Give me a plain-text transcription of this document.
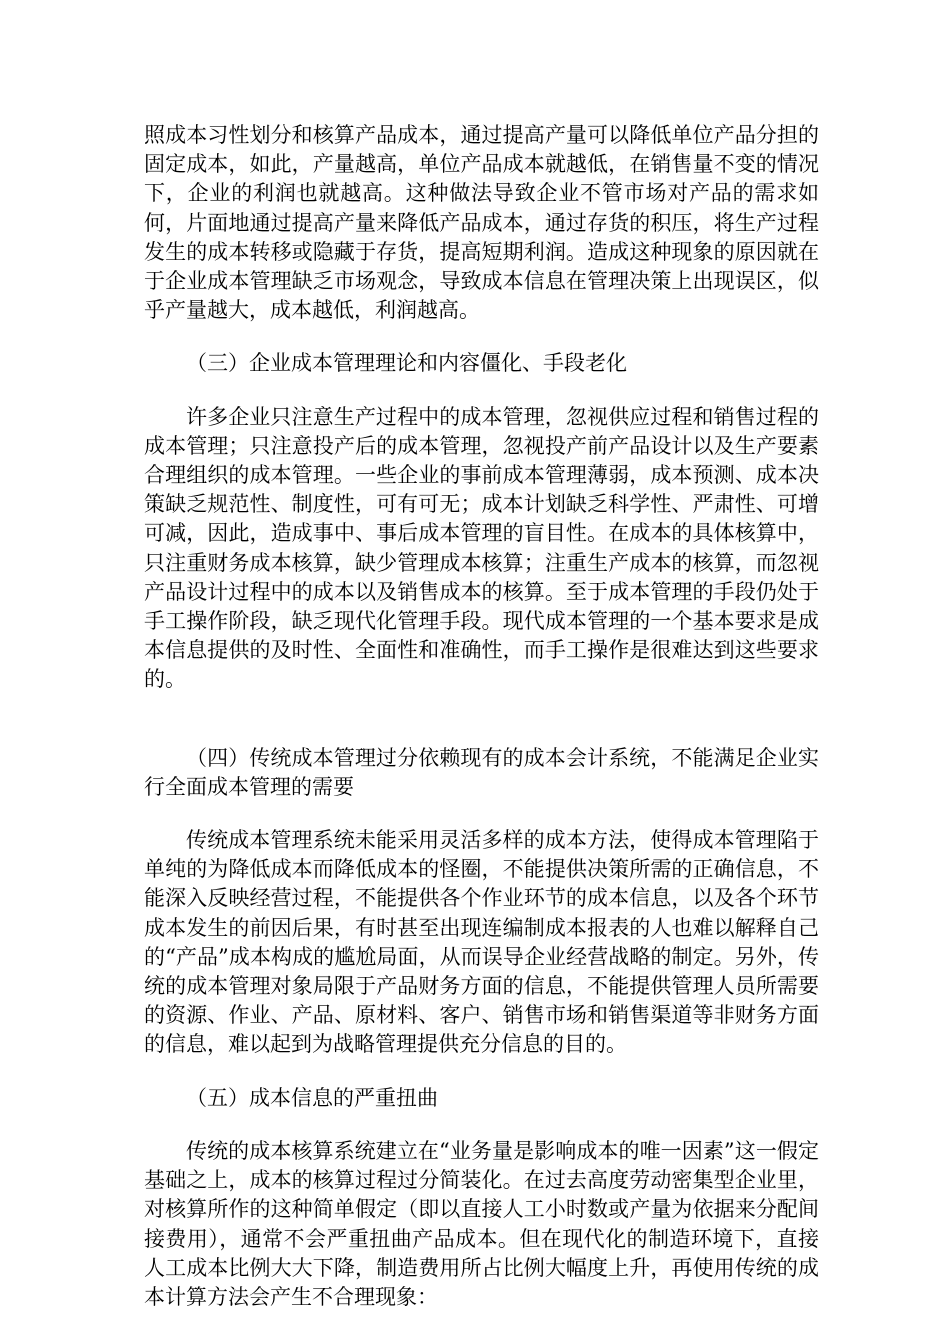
照成本习性划分和核算产品成本，通过提高产量可以降低单位产品分担的固定成本，如此，产量越高，单位产品成本就越低，在销售量不变的情况下，企业的利润也就越高。这种做法导致企业不管市场对产品的需求如何，片面地通过提高产量来降低产品成本，通过存货的积压，将生产过程发生的成本转移或隐藏于存货，提高短期利润。造成这种现象的原因就在于企业成本管理缺乏市场观念，导致成本信息在管理决策上出现误区，似乎产量越大，成本越低，利润越高。

（三）企业成本管理理论和内容僵化、手段老化

许多企业只注意生产过程中的成本管理，忽视供应过程和销售过程的成本管理；只注意投产后的成本管理，忽视投产前产品设计以及生产要素合理组织的成本管理。一些企业的事前成本管理薄弱，成本预测、成本决策缺乏规范性、制度性，可有可无；成本计划缺乏科学性、严肃性、可增可减，因此，造成事中、事后成本管理的盲目性。在成本的具体核算中，只注重财务成本核算，缺少管理成本核算；注重生产成本的核算，而忽视产品设计过程中的成本以及销售成本的核算。至于成本管理的手段仍处于手工操作阶段，缺乏现代化管理手段。现代成本管理的一个基本要求是成本信息提供的及时性、全面性和准确性，而手工操作是很难达到这些要求的。

（四）传统成本管理过分依赖现有的成本会计系统，不能满足企业实行全面成本管理的需要

传统成本管理系统未能采用灵活多样的成本方法，使得成本管理陷于单纯的为降低成本而降低成本的怪圈，不能提供决策所需的正确信息，不能深入反映经营过程，不能提供各个作业环节的成本信息，以及各个环节成本发生的前因后果，有时甚至出现连编制成本报表的人也难以解释自己的“产品”成本构成的尴尬局面，从而误导企业经营战略的制定。另外，传统的成本管理对象局限于产品财务方面的信息，不能提供管理人员所需要的资源、作业、产品、原材料、客户、销售市场和销售渠道等非财务方面的信息，难以起到为战略管理提供充分信息的目的。

（五）成本信息的严重扭曲

传统的成本核算系统建立在“业务量是影响成本的唯一因素”这一假定基础之上，成本的核算过程过分简装化。在过去高度劳动密集型企业里，对核算所作的这种简单假定（即以直接人工小时数或产量为依据来分配间接费用），通常不会严重扭曲产品成本。但在现代化的制造环境下，直接人工成本比例大大下降，制造费用所占比例大幅度上升，再使用传统的成本计算方法会产生不合理现象：
